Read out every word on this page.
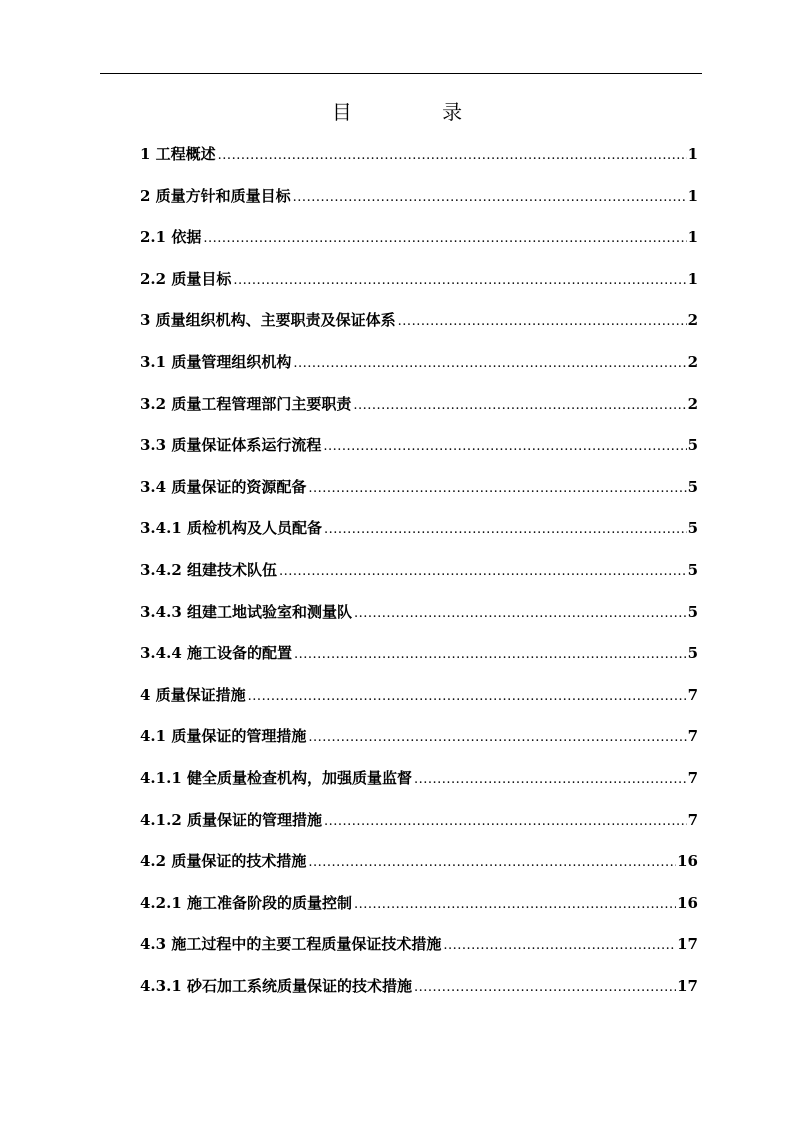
目 录
1 工程概述 .....	1
2 质量方针和质量目标 .....	1
2.1 依据 .....	1
2.2 质量目标 .....	1
3 质量组织机构、主要职责及保证体系 .....	2
3.1 质量管理组织机构 .....	2
3.2 质量工程管理部门主要职责 .....	2
3.3 质量保证体系运行流程 .....	5
3.4 质量保证的资源配备 .....	5
3.4.1 质检机构及人员配备 .....	5
3.4.2 组建技术队伍 .....	5
3.4.3 组建工地试验室和测量队 .....	5
3.4.4 施工设备的配置 .....	5
4 质量保证措施 .....	7
4.1 质量保证的管理措施 .....	7
4.1.1 健全质量检查机构，加强质量监督 .....	7
4.1.2 质量保证的管理措施 .....	7
4.2 质量保证的技术措施 .....	16
4.2.1 施工准备阶段的质量控制 .....	16
4.3 施工过程中的主要工程质量保证技术措施 .....	17
4.3.1 砂石加工系统质量保证的技术措施 .....	17
